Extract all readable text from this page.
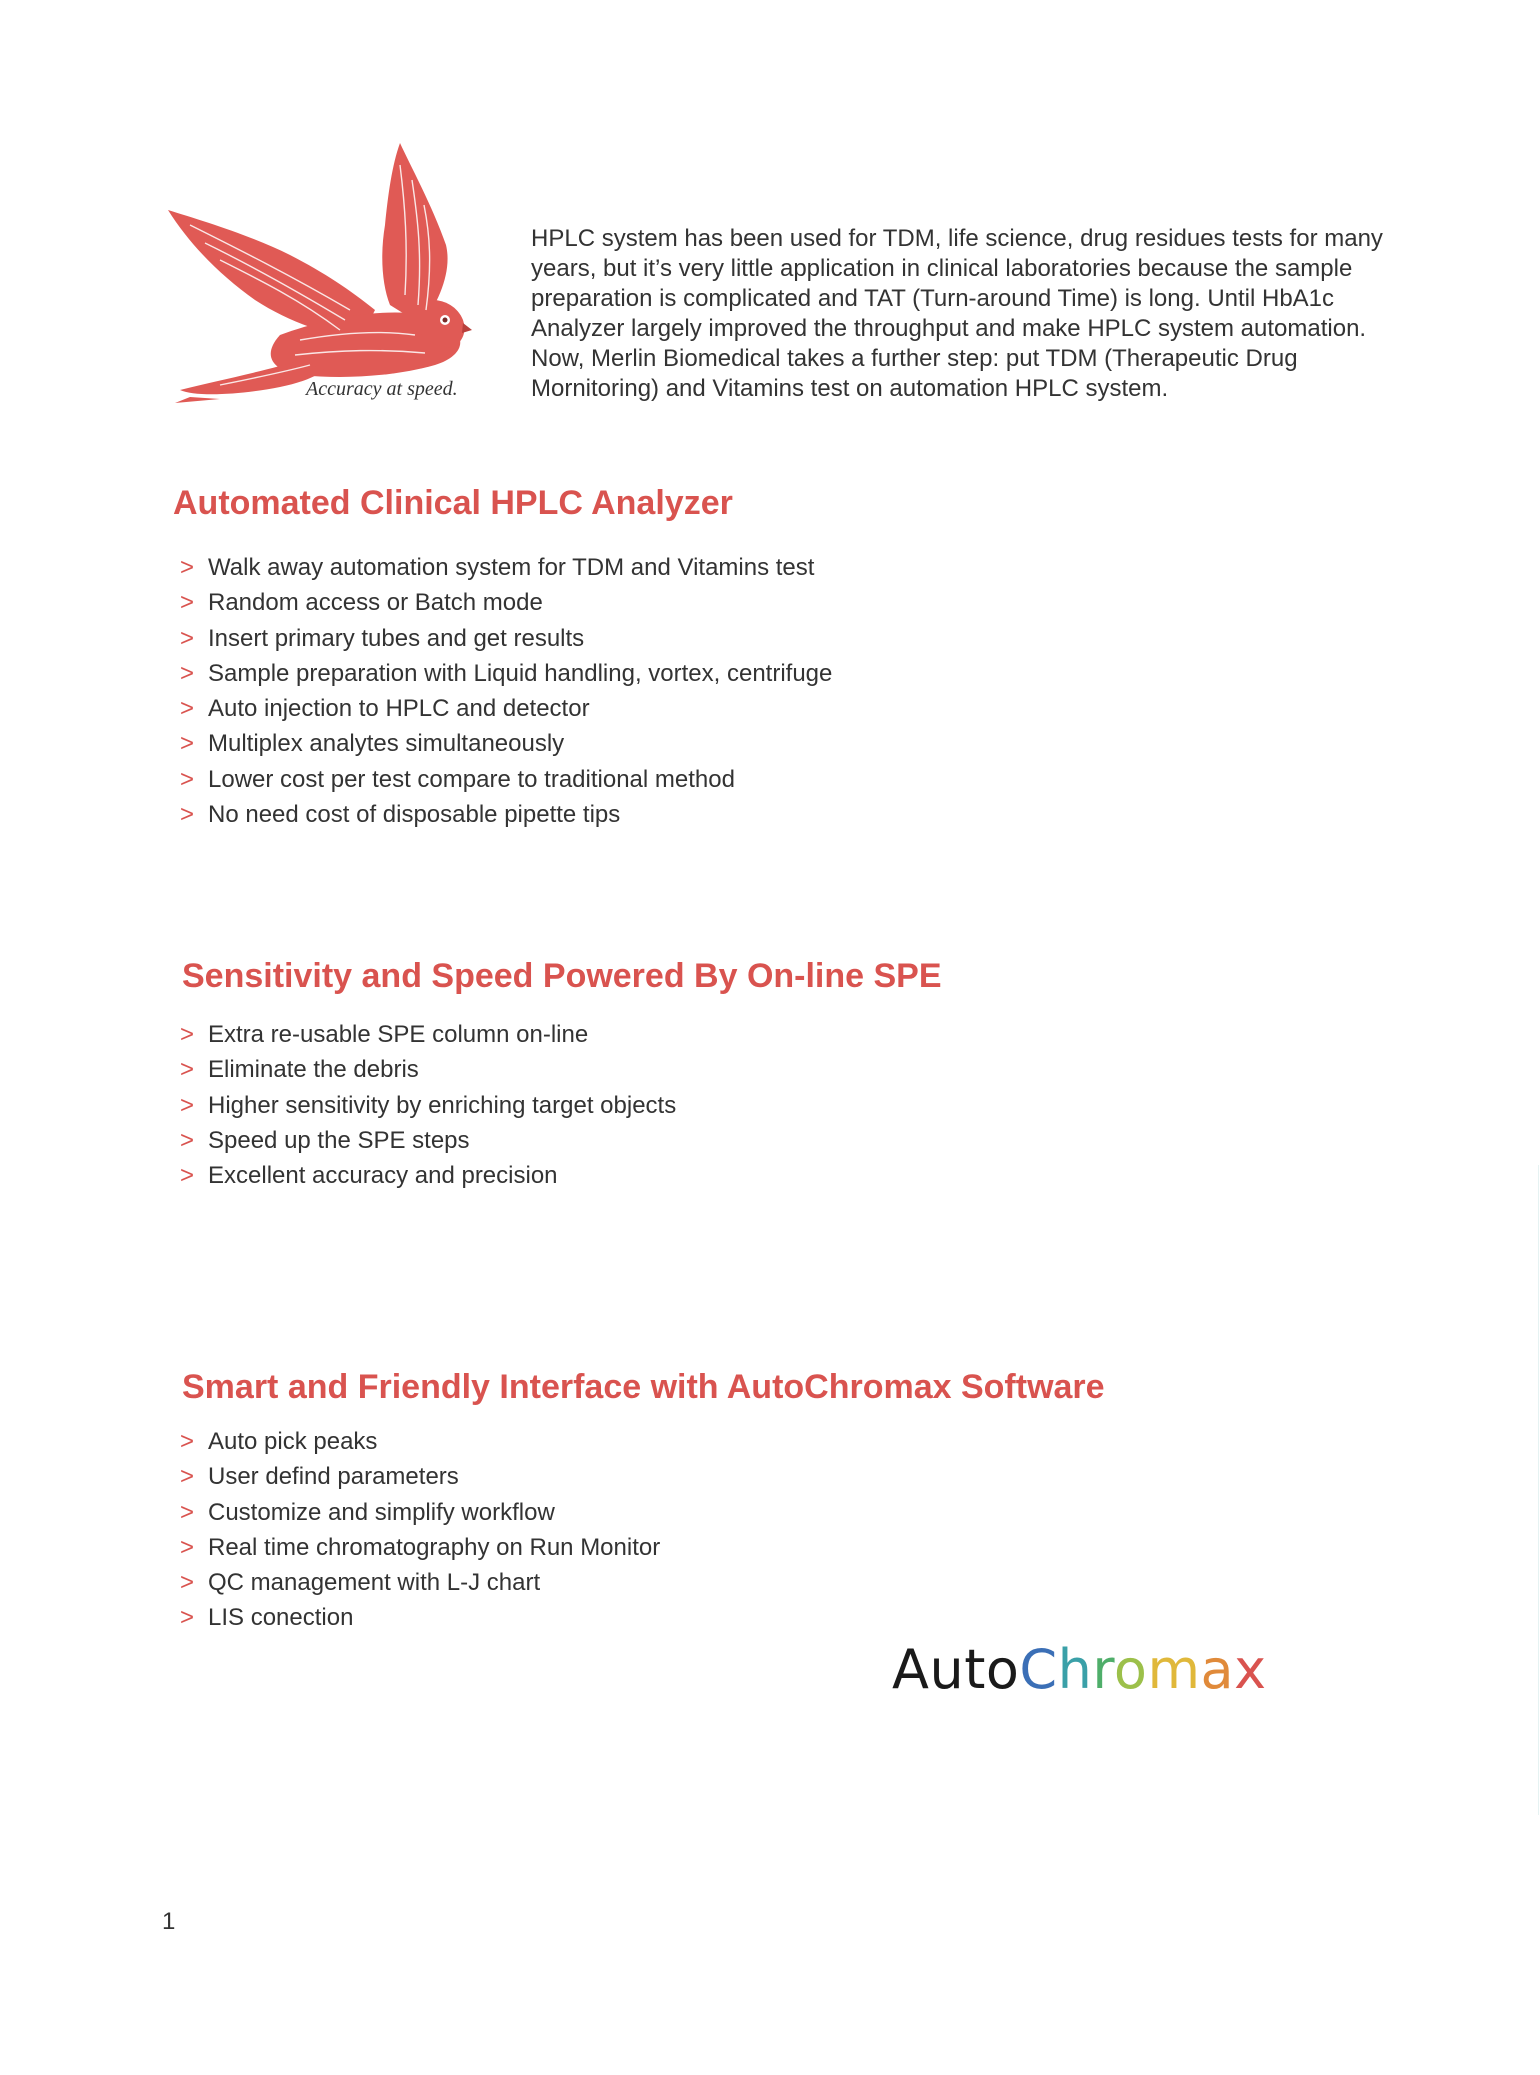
Accuracy at speed.

HPLC system has been used for TDM, life science, drug residues tests for many

years, but it’s very little application in clinical laboratories because the sample

preparation is complicated and TAT (Turn-around Time) is long. Until HbA1c

Analyzer largely improved the throughput and make HPLC system automation.

Now, Merlin Biomedical takes a further step: put TDM (Therapeutic Drug

Mornitoring) and Vitamins test on automation HPLC system.

Automated Clinical HPLC Analyzer
> Walk away automation system for TDM and Vitamins test
> Random access or Batch mode
> Insert primary tubes and get results
> Sample preparation with Liquid handling, vortex, centrifuge
> Auto injection to HPLC and detector
> Multiplex analytes simultaneously
> Lower cost per test compare to traditional method
> No need cost of disposable pipette tips
Sensitivity and Speed Powered By On-line SPE
> Extra re-usable SPE column on-line
> Eliminate the debris
> Higher sensitivity by enriching target objects
> Speed up the SPE steps
> Excellent accuracy and precision
Smart and Friendly Interface with AutoChromax Software
> Auto pick peaks
> User defind parameters
> Customize and simplify workflow
> Real time chromatography on Run Monitor
> QC management with L-J chart
> LIS conection
AutoChromax
1
